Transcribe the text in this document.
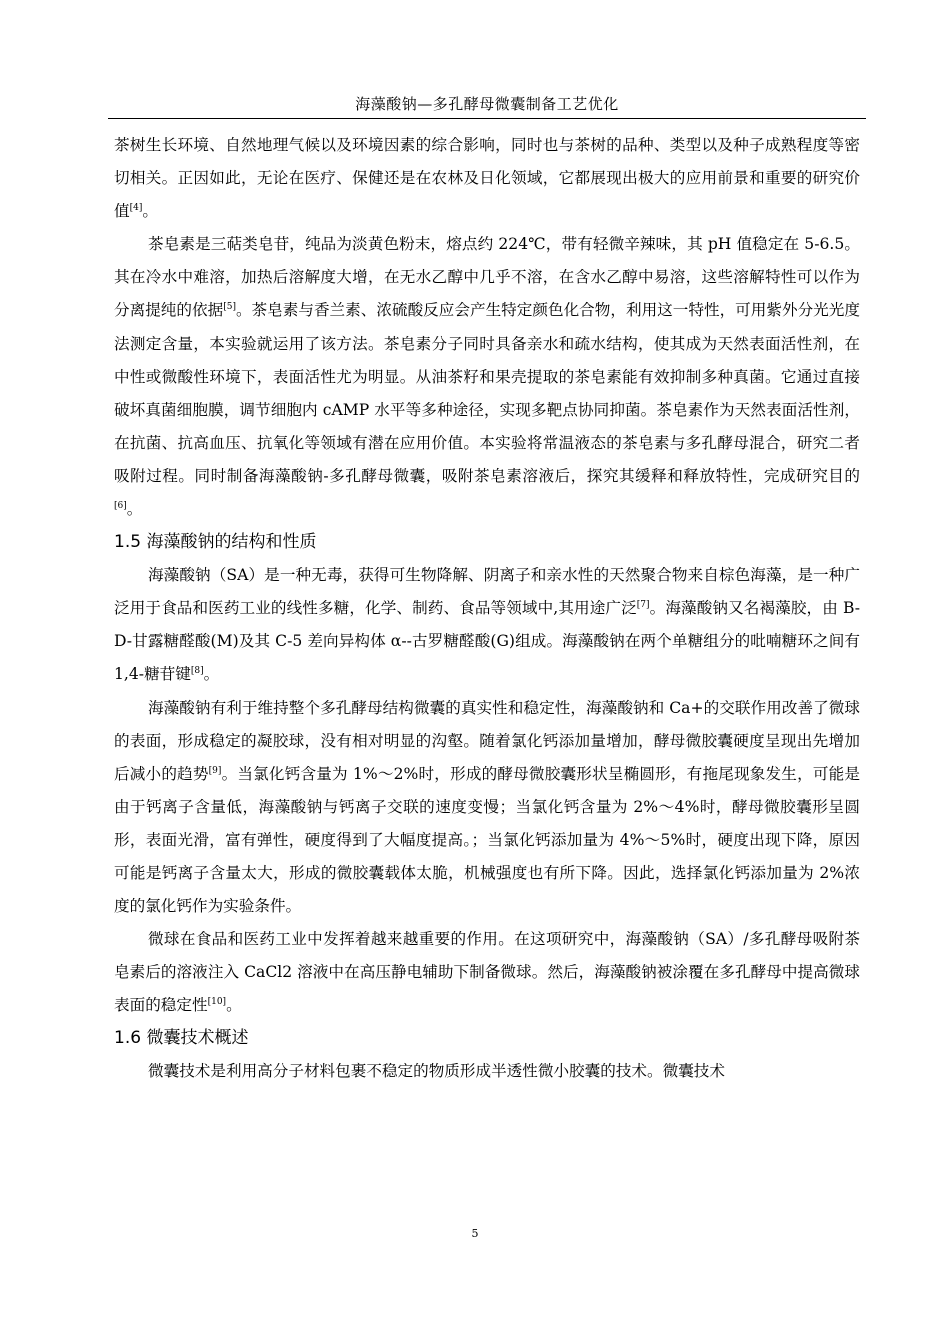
海藻酸钠—多孔酵母微囊制备工艺优化

茶树生长环境、自然地理气候以及环境因素的综合影响，同时也与茶树的品种、类型以及种子成熟程度等密切相关。正因如此，无论在医疗、保健还是在农林及日化领域，它都展现出极大的应用前景和重要的研究价值[4]。

茶皂素是三萜类皂苷，纯品为淡黄色粉末，熔点约 224℃，带有轻微辛辣味，其 pH 值稳定在 5-6.5。其在冷水中难溶，加热后溶解度大增，在无水乙醇中几乎不溶，在含水乙醇中易溶，这些溶解特性可以作为分离提纯的依据[5]。茶皂素与香兰素、浓硫酸反应会产生特定颜色化合物，利用这一特性，可用紫外分光光度法测定含量，本实验就运用了该方法。茶皂素分子同时具备亲水和疏水结构，使其成为天然表面活性剂，在中性或微酸性环境下，表面活性尤为明显。从油茶籽和果壳提取的茶皂素能有效抑制多种真菌。它通过直接破坏真菌细胞膜，调节细胞内 cAMP 水平等多种途径，实现多靶点协同抑菌。茶皂素作为天然表面活性剂，在抗菌、抗高血压、抗氧化等领域有潜在应用价值。本实验将常温液态的茶皂素与多孔酵母混合，研究二者吸附过程。同时制备海藻酸钠-多孔酵母微囊，吸附茶皂素溶液后，探究其缓释和释放特性，完成研究目的[6]。

1.5 海藻酸钠的结构和性质

海藻酸钠（SA）是一种无毒，获得可生物降解、阴离子和亲水性的天然聚合物来自棕色海藻，是一种广泛用于食品和医药工业的线性多糖，化学、制药、食品等领域中,其用途广泛[7]。海藻酸钠又名褐藻胶，由 B-D-甘露糖醛酸(M)及其 C-5 差向异构体 α--古罗糖醛酸(G)组成。海藻酸钠在两个单糖组分的吡喃糖环之间有 1,4-糖苷键[8]。

海藻酸钠有利于维持整个多孔酵母结构微囊的真实性和稳定性，海藻酸钠和 Ca+的交联作用改善了微球的表面，形成稳定的凝胶球，没有相对明显的沟壑。随着氯化钙添加量增加，酵母微胶囊硬度呈现出先增加后减小的趋势[9]。当氯化钙含量为 1%～2%时，形成的酵母微胶囊形状呈椭圆形，有拖尾现象发生，可能是由于钙离子含量低，海藻酸钠与钙离子交联的速度变慢；当氯化钙含量为 2%～4%时，酵母微胶囊形呈圆形，表面光滑，富有弹性，硬度得到了大幅度提高。；当氯化钙添加量为 4%～5%时，硬度出现下降，原因可能是钙离子含量太大，形成的微胶囊载体太脆，机械强度也有所下降。因此，选择氯化钙添加量为 2%浓度的氯化钙作为实验条件。

微球在食品和医药工业中发挥着越来越重要的作用。在这项研究中，海藻酸钠（SA）/多孔酵母吸附茶皂素后的溶液注入 CaCl2 溶液中在高压静电辅助下制备微球。然后，海藻酸钠被涂覆在多孔酵母中提高微球表面的稳定性[10]。

1.6 微囊技术概述

微囊技术是利用高分子材料包裹不稳定的物质形成半透性微小胶囊的技术。微囊技术

5
